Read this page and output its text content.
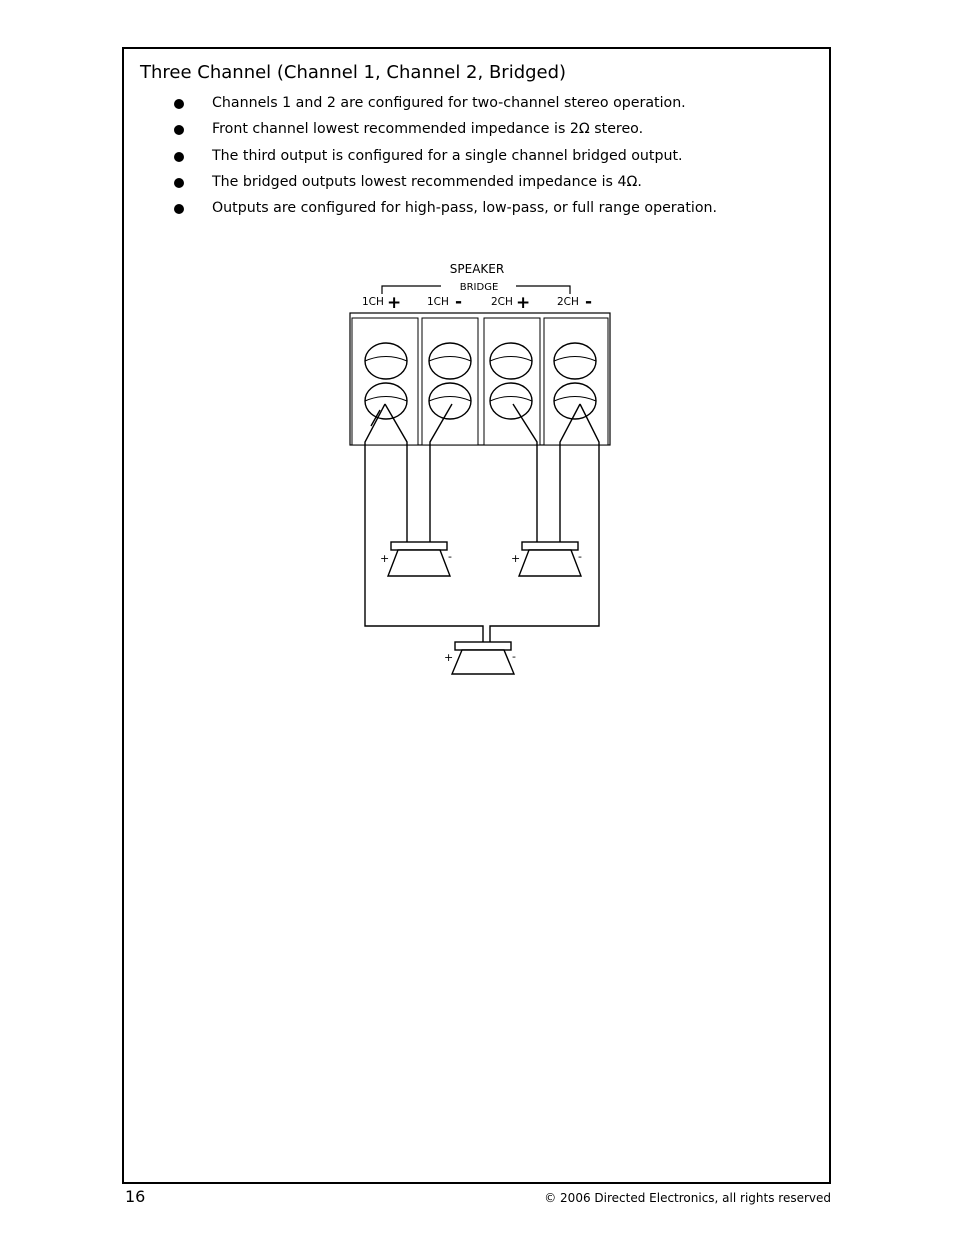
Three Channel (Channel 1, Channel 2, Bridged)
Channels 1 and 2 are configured for two-channel stereo operation.
Front channel lowest recommended impedance is 2Ω stereo.
The third output is configured for a single channel bridged output.
The bridged outputs lowest recommended impedance is 4Ω.
Outputs are configured for high-pass, low-pass, or full range operation.
SPEAKER
BRIDGE
1CH + 1CH -	2CH +	2CH -
+	-	+	-
+	-
16	© 2006 Directed Electronics, all rights reserved
